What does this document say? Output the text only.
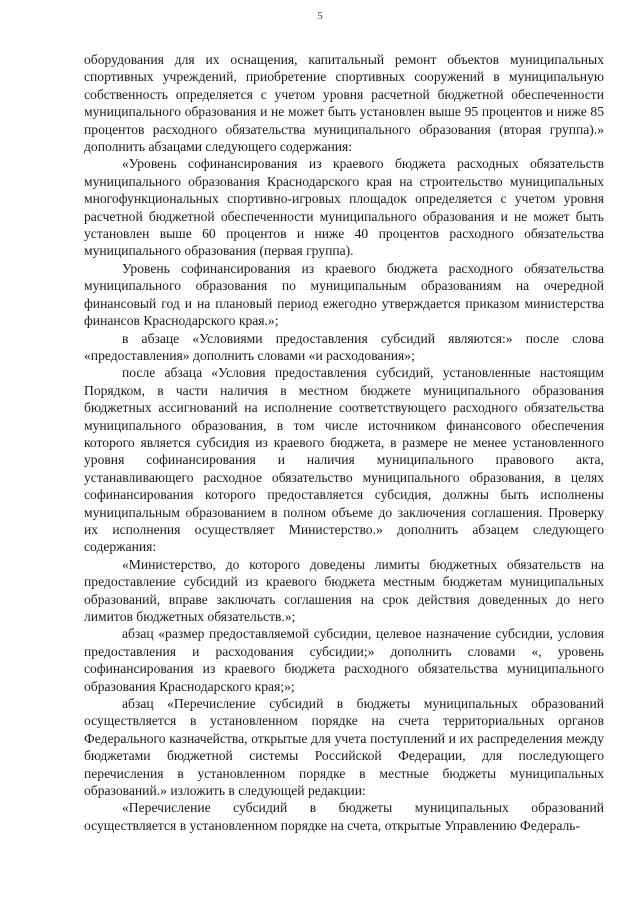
5

оборудования для их оснащения, капитальный ремонт объектов муниципальных спортивных учреждений, приобретение спортивных сооружений в муниципальную собственность определяется с учетом уровня расчетной бюджетной обеспеченности муниципального образования и не может быть установлен выше 95 процентов и ниже 85 процентов расходного обязательства муниципального образования (вторая группа).» дополнить абзацами следующего содержания:

«Уровень софинансирования из краевого бюджета расходных обязательств муниципального образования Краснодарского края на строительство муниципальных многофункциональных спортивно-игровых площадок определяется с учетом уровня расчетной бюджетной обеспеченности муниципального образования и не может быть установлен выше 60 процентов и ниже 40 процентов расходного обязательства муниципального образования (первая группа).

Уровень софинансирования из краевого бюджета расходного обязательства муниципального образования по муниципальным образованиям на очередной финансовый год и на плановый период ежегодно утверждается приказом министерства финансов Краснодарского края.»;

в абзаце «Условиями предоставления субсидий являются:» после слова «предоставления» дополнить словами «и расходования»;

после абзаца «Условия предоставления субсидий, установленные настоящим Порядком, в части наличия в местном бюджете муниципального образования бюджетных ассигнований на исполнение соответствующего расходного обязательства муниципального образования, в том числе источником финансового обеспечения которого является субсидия из краевого бюджета, в размере не менее установленного уровня софинансирования и наличия муниципального правового акта, устанавливающего расходное обязательство муниципального образования, в целях софинансирования которого предоставляется субсидия, должны быть исполнены муниципальным образованием в полном объеме до заключения соглашения. Проверку их исполнения осуществляет Министерство.» дополнить абзацем следующего содержания:

«Министерство, до которого доведены лимиты бюджетных обязательств на предоставление субсидий из краевого бюджета местным бюджетам муниципальных образований, вправе заключать соглашения на срок действия доведенных до него лимитов бюджетных обязательств.»;

абзац «размер предоставляемой субсидии, целевое назначение субсидии, условия предоставления и расходования субсидии;» дополнить словами «, уровень софинансирования из краевого бюджета расходного обязательства муниципального образования Краснодарского края;»;

абзац «Перечисление субсидий в бюджеты муниципальных образований осуществляется в установленном порядке на счета территориальных органов Федерального казначейства, открытые для учета поступлений и их распределения между бюджетами бюджетной системы Российской Федерации, для последующего перечисления в установленном порядке в местные бюджеты муниципальных образований.» изложить в следующей редакции:

«Перечисление субсидий в бюджеты муниципальных образований осуществляется в установленном порядке на счета, открытые Управлению Федераль-
